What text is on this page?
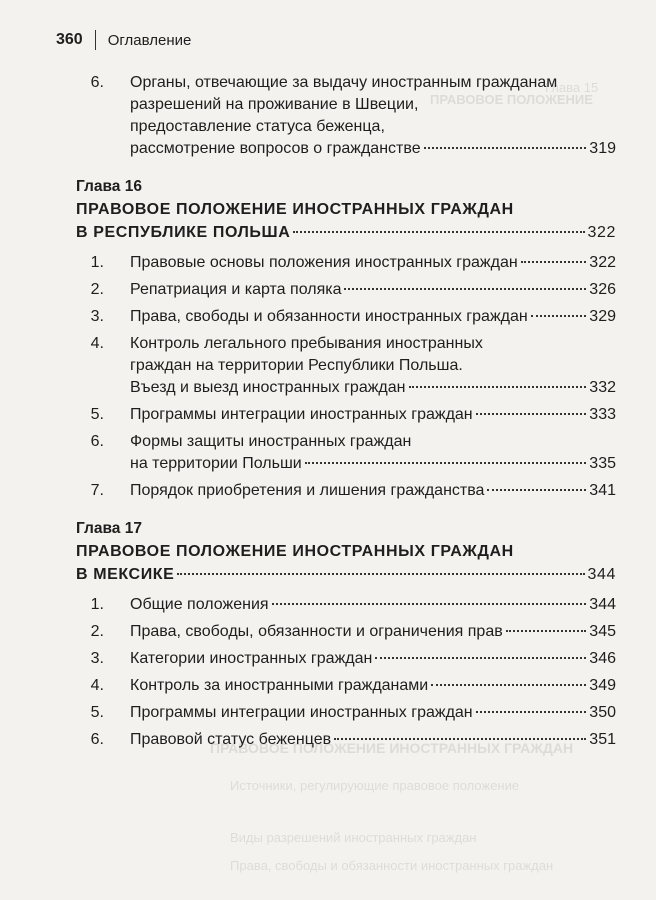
Глава 15
ПРАВОВОЕ ПОЛОЖЕНИЕ
ПРАВОВОЕ ПОЛОЖЕНИЕ ИНОСТРАННЫХ ГРАЖДАН
Источники, регулирующие правовое положение
Виды разрешений иностранных граждан
Права, свободы и обязанности иностранных граждан
360 Оглавление
6.	Органы, отвечающие за выдачу иностранным гражданам
разрешений на проживание в Швеции,
предоставление статуса беженца,
рассмотрение вопросов о гражданстве	319
Глава 16
ПРАВОВОЕ ПОЛОЖЕНИЕ ИНОСТРАННЫХ ГРАЖДАН
В РЕСПУБЛИКЕ ПОЛЬША	322
1.	Правовые основы положения иностранных граждан	322
2.	Репатриация и карта поляка	326
3.	Права, свободы и обязанности иностранных граждан	329
4.	Контроль легального пребывания иностранных
граждан на территории Республики Польша.
Въезд и выезд иностранных граждан	332
5.	Программы интеграции иностранных граждан	333
6.	Формы защиты иностранных граждан
на территории Польши	335
7.	Порядок приобретения и лишения гражданства	341
Глава 17
ПРАВОВОЕ ПОЛОЖЕНИЕ ИНОСТРАННЫХ ГРАЖДАН
В МЕКСИКЕ	344
1.	Общие положения	344
2.	Права, свободы, обязанности и ограничения прав	345
3.	Категории иностранных граждан	346
4.	Контроль за иностранными гражданами	349
5.	Программы интеграции иностранных граждан	350
6.	Правовой статус беженцев	351
